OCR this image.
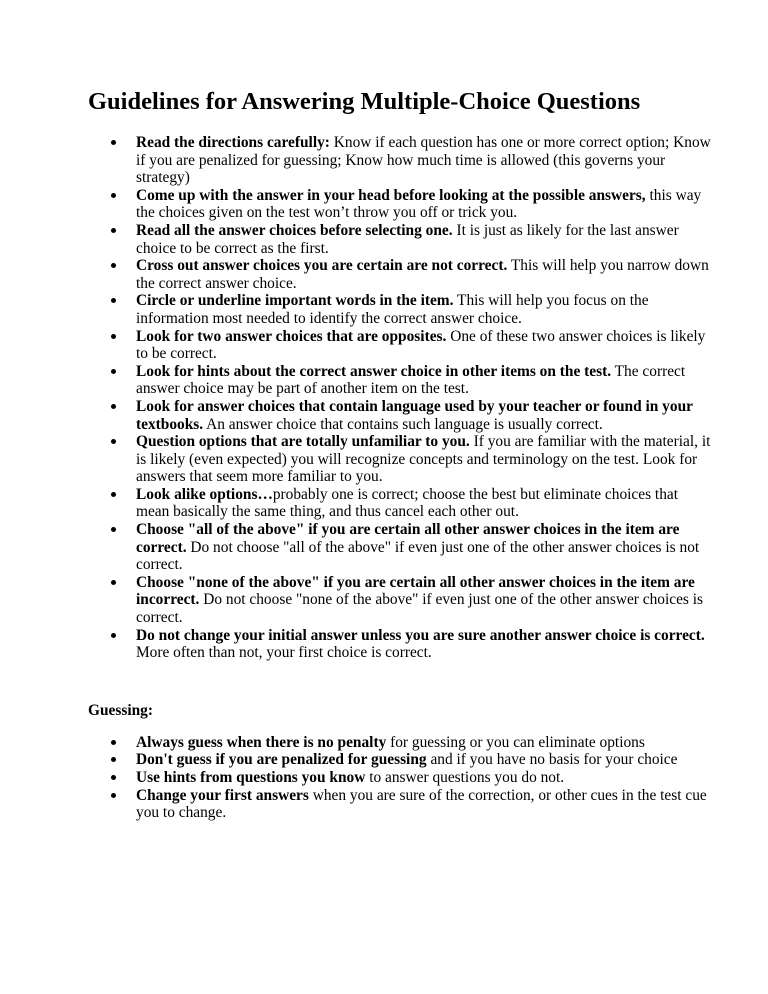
Guidelines for Answering Multiple-Choice Questions
Read the directions carefully: Know if each question has one or more correct option; Know if you are penalized for guessing; Know how much time is allowed (this governs your strategy)
Come up with the answer in your head before looking at the possible answers, this way the choices given on the test won’t throw you off or trick you.
Read all the answer choices before selecting one. It is just as likely for the last answer choice to be correct as the first.
Cross out answer choices you are certain are not correct. This will help you narrow down the correct answer choice.
Circle or underline important words in the item. This will help you focus on the information most needed to identify the correct answer choice.
Look for two answer choices that are opposites. One of these two answer choices is likely to be correct.
Look for hints about the correct answer choice in other items on the test. The correct answer choice may be part of another item on the test.
Look for answer choices that contain language used by your teacher or found in your textbooks. An answer choice that contains such language is usually correct.
Question options that are totally unfamiliar to you. If you are familiar with the material, it is likely (even expected) you will recognize concepts and terminology on the test. Look for answers that seem more familiar to you.
Look alike options…probably one is correct; choose the best but eliminate choices that mean basically the same thing, and thus cancel each other out.
Choose "all of the above" if you are certain all other answer choices in the item are correct. Do not choose "all of the above" if even just one of the other answer choices is not correct.
Choose "none of the above" if you are certain all other answer choices in the item are incorrect. Do not choose "none of the above" if even just one of the other answer choices is correct.
Do not change your initial answer unless you are sure another answer choice is correct. More often than not, your first choice is correct.
Guessing:
Always guess when there is no penalty for guessing or you can eliminate options
Don't guess if you are penalized for guessing and if you have no basis for your choice
Use hints from questions you know to answer questions you do not.
Change your first answers when you are sure of the correction, or other cues in the test cue you to change.
